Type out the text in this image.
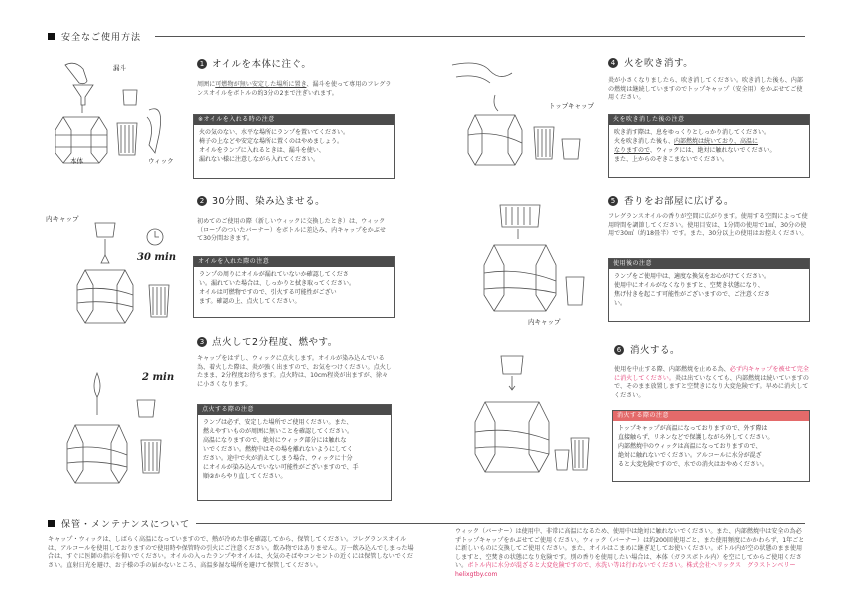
安全なご使用方法
漏斗
本体	ウィック
1 オイルを本体に注ぐ。
周囲に可燃物が無い安定した場所に置き、漏斗を使って専用のフレグランスオイルをボトルの約3分の2まで注ぎいれます。
※オイルを入れる時の注意
火の気のない、水平な場所にランプを置いてください。
椅子の上などや安定な場所に置くのはやめましょう。
オイルをランプに入れるときは、漏斗を使い、
漏れない様に注意しながら入れてください。
内キャップ
30 min
2 30分間、染み込ませる。
初めてのご使用の際（新しいウィックに交換したとき）は、ウィック（ロープのついたバーナー）をボトルに差込み、内キャップをかぶせて30分間おきます。
オイルを入れた際の注意
ランプの周りにオイルが漏れていないか確認してくださ
い。漏れていた場合は、しっかりと拭き取ってください。
オイルは可燃物ですので、引火する可能性がござい
ます。確認の上、点火してください。
2 min
3 点火して2分程度、燃やす。
キャップをはずし、ウィックに点火します。オイルが染み込んでいる為、着火した際は、炎が強く出ますので、お気をつけください。点火したまま、2分程度お待ちます。点火時は、10cm程炎が出ますが、徐々に小さくなります。
点火する際の注意
ランプは必ず、安定した場所でご使用ください。また、
燃えやすいものが周囲に無いことを確認してください。
高温になりますので、絶対にウィック部分には触れな
いでください。燃焼中はその場を離れないようにしてく
ださい。途中で火が消えてしまう場合、ウィックに十分
にオイルが染み込んでいない可能性がございますので、手
順②からやり直してください。
トップキャップ
4 火を吹き消す。
炎が小さくなりましたら、吹き消してください。吹き消した後も、内部の燃焼は継続していますのでトップキャップ（安全用）をかぶせてご使用ください。
火を吹き消した後の注意
吹き消す際は、息をゆっくりとしっかり消してください。
火を吹き消した後も、内部燃焼は続いており、高温に
なりますので、ウィックには、絶対に触れないでください。
また、上からのぞきこまないでください。
内キャップ
5 香りをお部屋に広げる。
フレグランスオイルの香りが空間に広がります。使用する空間によって使用時間を調節してください。使用目安は、1分間の使用で1㎥、30分の使用で30㎥（約18畳半）です。また、30分以上の使用はお控えください。
使用後の注意
ランプをご使用中は、適度な換気をお心がけてください。
使用中にオイルがなくなりますと、空焚き状態になり、
焦げ付きを起こす可能性がございますので、ご注意くださ
い。
6 消火する。
使用を中止する際、内部燃焼を止める為、必ず内キャップを被せて完全に消火してください。炎は出ていなくても、内部燃焼は続いていますので、そのまま放置しますと空焚きになり大変危険です。早めに消火してください。
消火する際の注意
トップキャップが高温になっておりますので、外す際は
直接触らず、リネンなどで保護しながら外してください。
内部燃焼中のウィックは高温になっておりますので、
絶対に触れないでください。アルコールに水分が混ざ
ると大変危険ですので、水での消火はおやめください。
保管・メンテナンスについて
キャップ・ウィックは、しばらく高温になっていますので、熱が冷めた事を確認してから、保管してください。フレグランスオイルは、アルコールを使用しておりますので使用時や保管時の引火にご注意ください。飲み物ではありません。万一飲み込んでしまった場合は、すぐに医師の指示を仰いでください。オイルの入ったランプやオイルは、火気のそばやコンセントの近くには保管しないでください。直射日光を避け、お子様の手の届かないところ、高温多湿な場所を避けて保管してください。
ウィック（バーナー）は使用中、非常に高温になるため、使用中は絶対に触れないでください。また、内部燃焼中は安全の為必ずトップキャップをかぶせてご使用ください。ウィック（バーナー）は約200回使用ごと、また使用頻度にかかわらず、1年ごとに新しいものに交換してご使用ください。また、オイルはこまめに継ぎ足してお使いください。ボトル内が空の状態のまま使用しますと、空焚きの状態になり危険です。別の香りを使用したい場合は、本体（ガラスボトル内）を空にしてからご使用ください。ボトル内に水分が混ざると大変危険ですので、水洗い等は行わないでください。株式会社ヘリックス　グラストンベリー　helixgtby.com
